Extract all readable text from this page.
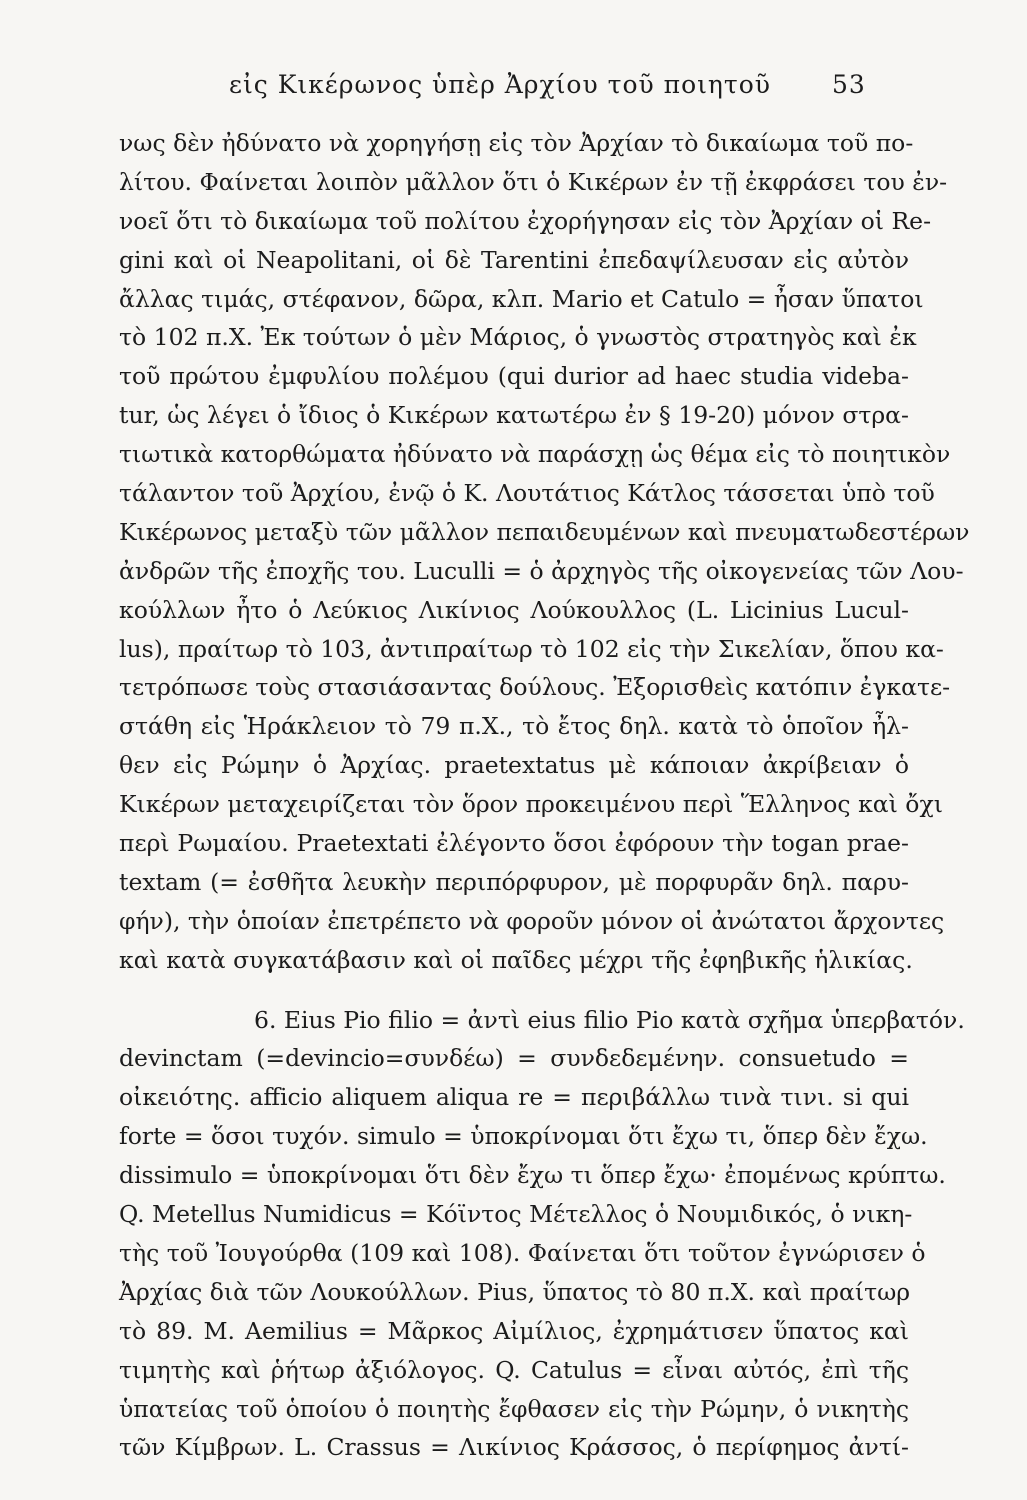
εἰς Κικέρωνος ὑπὲρ Ἀρχίου τοῦ ποιητοῦ	53
νως δὲν ἠδύνατο νὰ χορηγήσῃ εἰς τὸν Ἀρχίαν τὸ δικαίωμα τοῦ πο-
λίτου. Φαίνεται λοιπὸν μᾶλλον ὅτι ὁ Κικέρων ἐν τῇ ἐκφράσει του ἐν-
νοεῖ ὅτι τὸ δικαίωμα τοῦ πολίτου ἐχορήγησαν εἰς τὸν Ἀρχίαν οἱ Re-
gini καὶ οἱ Neapolitani, οἱ δὲ Tarentini ἐπεδαψίλευσαν εἰς αὐτὸν
ἄλλας τιμάς, στέφανον, δῶρα, κλπ. Mario et Catulo = ἦσαν ὕπατοι
τὸ 102 π.Χ. Ἐκ τούτων ὁ μὲν Μάριος, ὁ γνωστὸς στρατηγὸς καὶ ἐκ
τοῦ πρώτου ἐμφυλίου πολέμου (qui durior ad haec studia videba-
tur, ὡς λέγει ὁ ἴδιος ὁ Κικέρων κατωτέρω ἐν § 19-20) μόνον στρα-
τιωτικὰ κατορθώματα ἠδύνατο νὰ παράσχῃ ὡς θέμα εἰς τὸ ποιητικὸν
τάλαντον τοῦ Ἀρχίου, ἐνῷ ὁ Κ. Λουτάτιος Κάτλος τάσσεται ὑπὸ τοῦ
Κικέρωνος μεταξὺ τῶν μᾶλλον πεπαιδευμένων καὶ πνευματωδεστέρων
ἀνδρῶν τῆς ἐποχῆς του. Luculli = ὁ ἀρχηγὸς τῆς οἰκογενείας τῶν Λου-
κούλλων ἦτο ὁ Λεύκιος Λικίνιος Λούκουλλος (L. Licinius Lucul-
lus), πραίτωρ τὸ 103, ἀντιπραίτωρ τὸ 102 εἰς τὴν Σικελίαν, ὅπου κα-
τετρόπωσε τοὺς στασιάσαντας δούλους. Ἐξορισθεὶς κατόπιν ἐγκατε-
στάθη εἰς Ἡράκλειον τὸ 79 π.Χ., τὸ ἔτος δηλ. κατὰ τὸ ὁποῖον ἦλ-
θεν εἰς Ρώμην ὁ Ἀρχίας. praetextatus μὲ κάποιαν ἀκρίβειαν ὁ
Κικέρων μεταχειρίζεται τὸν ὅρον προκειμένου περὶ Ἕλληνος καὶ ὄχι
περὶ Ρωμαίου. Praetextati ἐλέγοντο ὅσοι ἐφόρουν τὴν togan prae-
textam (= ἐσθῆτα λευκὴν περιπόρφυρον, μὲ πορφυρᾶν δηλ. παρυ-
φήν), τὴν ὁποίαν ἐπετρέπετο νὰ φοροῦν μόνον οἱ ἀνώτατοι ἄρχοντες
καὶ κατὰ συγκατάβασιν καὶ οἱ παῖδες μέχρι τῆς ἐφηβικῆς ἡλικίας.
6. Eius Pio filio = ἀντὶ eius filio Pio κατὰ σχῆμα ὑπερβατόν.
devinctam (=devincio=συνδέω) = συνδεδεμένην. consuetudo =
οἰκειότης. afficio aliquem aliqua re = περιβάλλω τινὰ τινι. si qui
forte = ὅσοι τυχόν. simulo = ὑποκρίνομαι ὅτι ἔχω τι, ὅπερ δὲν ἔχω.
dissimulo = ὑποκρίνομαι ὅτι δὲν ἔχω τι ὅπερ ἔχω· ἐπομένως κρύπτω.
Q. Metellus Numidicus = Κόϊντος Μέτελλος ὁ Νουμιδικός, ὁ νικη-
τὴς τοῦ Ἰουγούρθα (109 καὶ 108). Φαίνεται ὅτι τοῦτον ἐγνώρισεν ὁ
Ἀρχίας διὰ τῶν Λουκούλλων. Pius, ὕπατος τὸ 80 π.Χ. καὶ πραίτωρ
τὸ 89. M. Aemilius = Μᾶρκος Αἰμίλιος, ἐχρημάτισεν ὕπατος καὶ
τιμητὴς καὶ ῥήτωρ ἀξιόλογος. Q. Catulus = εἶναι αὐτός, ἐπὶ τῆς
ὑπατείας τοῦ ὁποίου ὁ ποιητὴς ἔφθασεν εἰς τὴν Ρώμην, ὁ νικητὴς
τῶν Κίμβρων. L. Crassus = Λικίνιος Κράσσος, ὁ περίφημος ἀντί-
